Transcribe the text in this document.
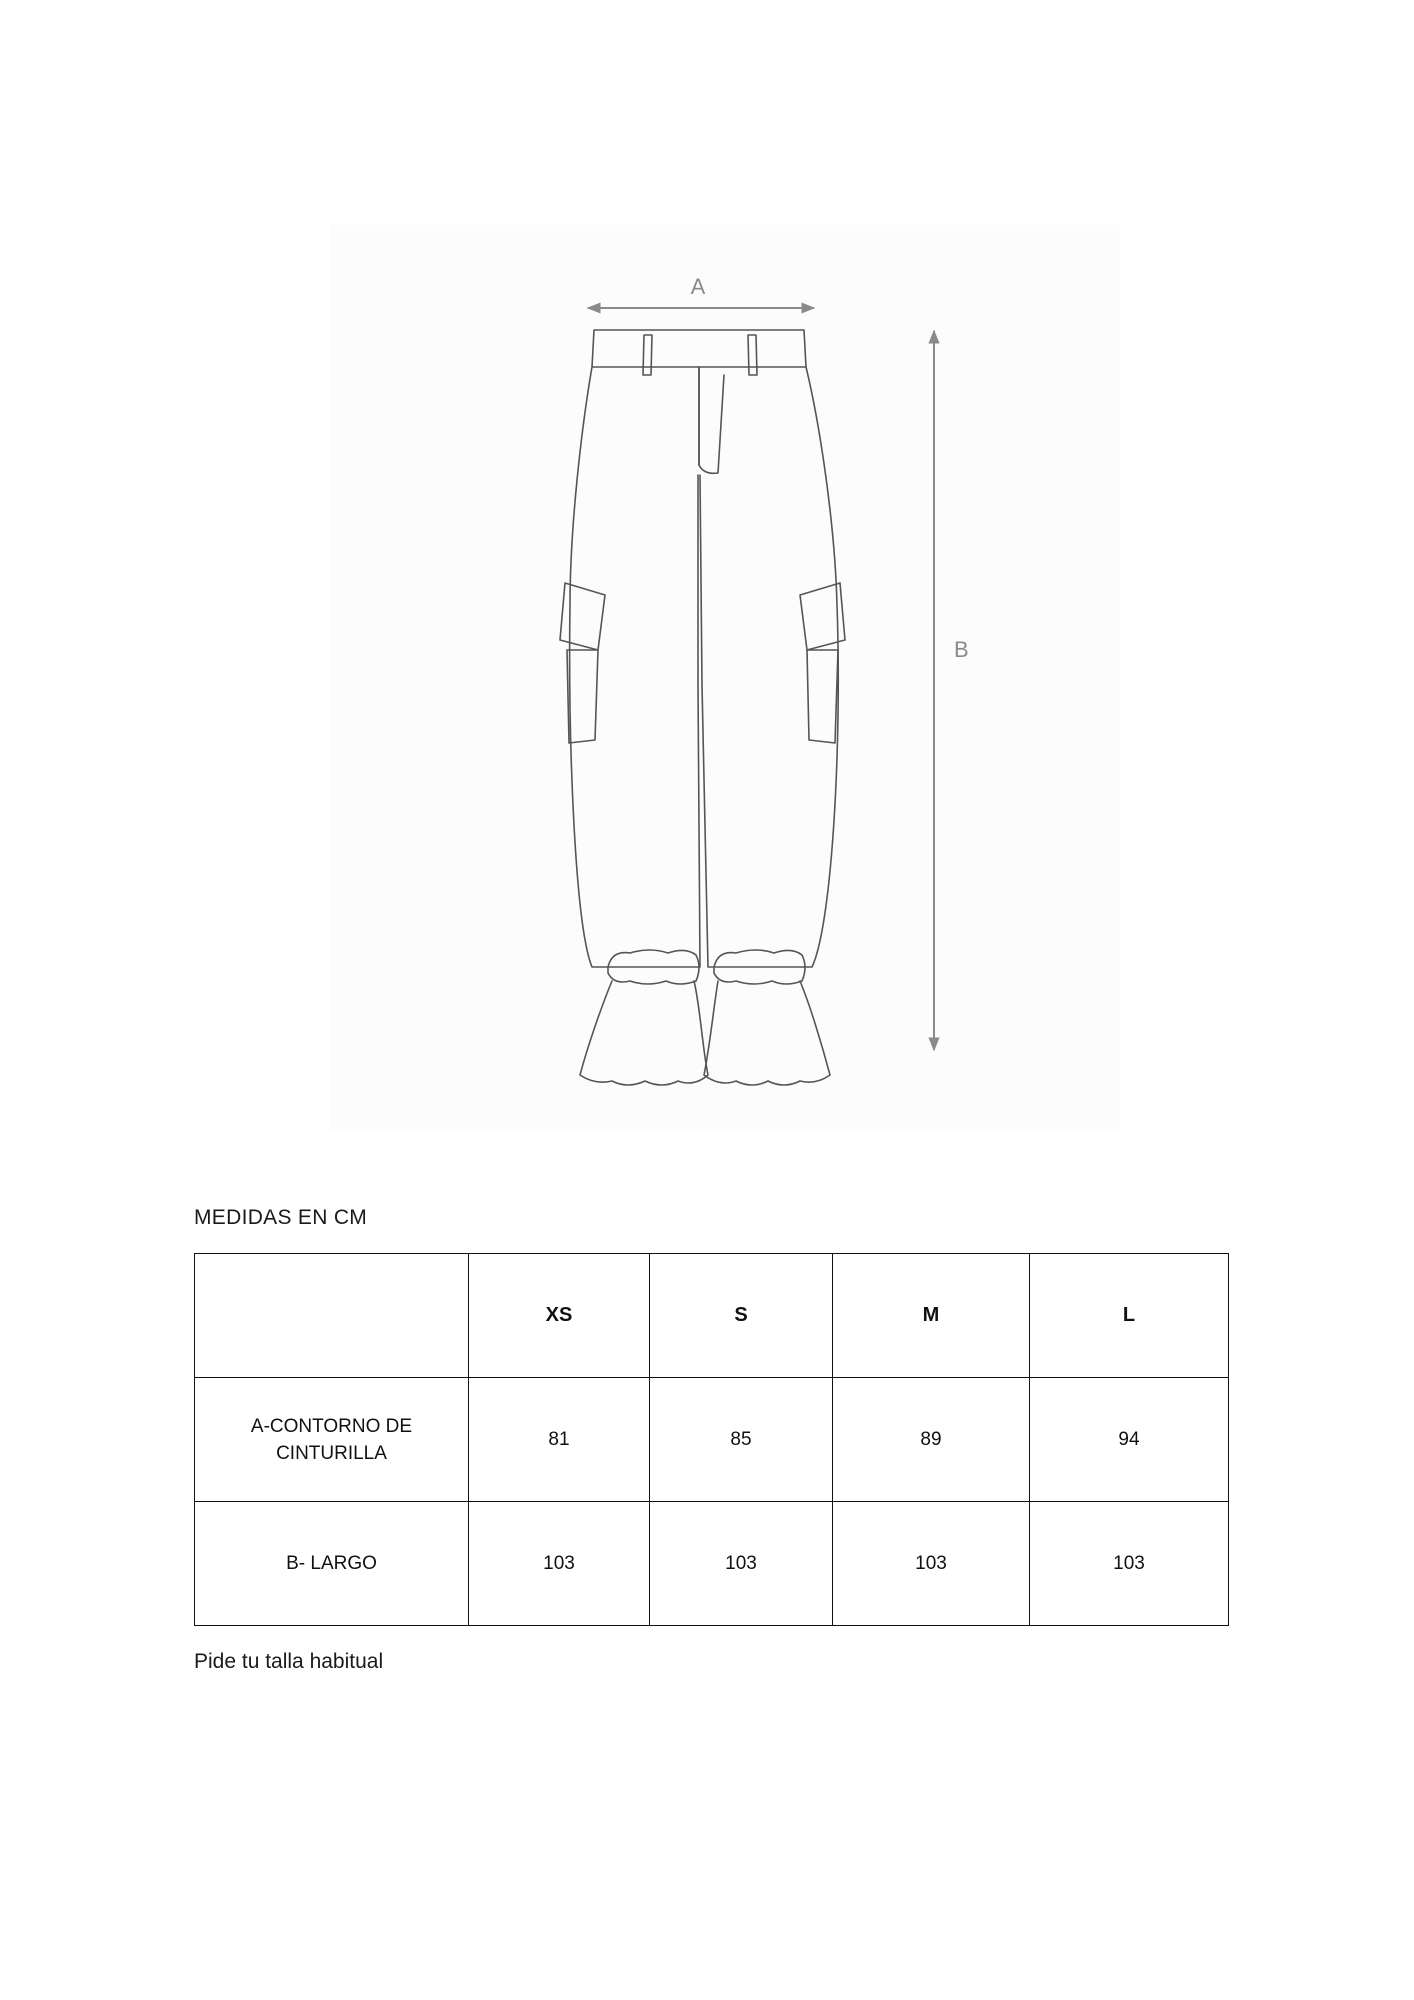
A
B
MEDIDAS EN CM
	XS	S	M	L
A-CONTORNO DE CINTURILLA	81	85	89	94
B- LARGO	103	103	103	103
Pide tu talla habitual
